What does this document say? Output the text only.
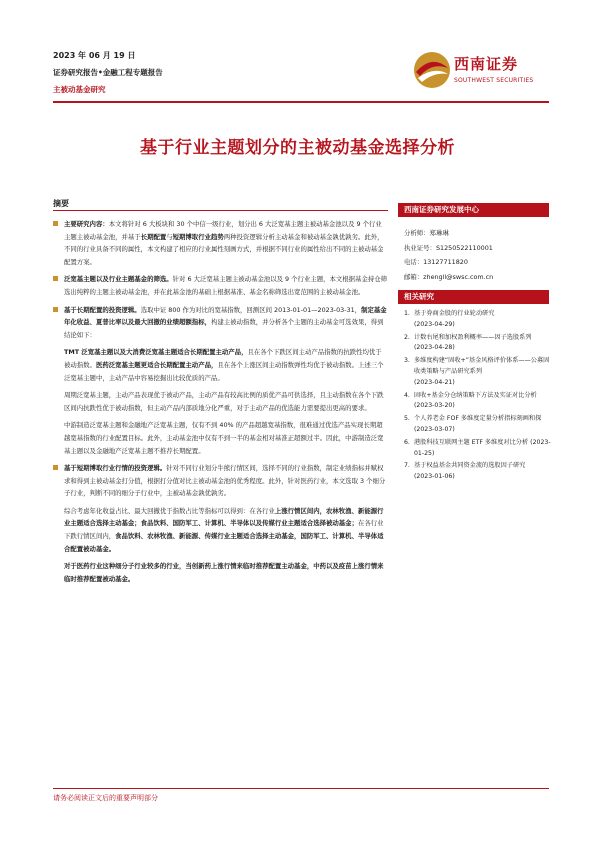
2023 年 06 月 19 日
证券研究报告•金融工程专题报告
主被动基金研究
西南证券
SOUTHWEST SECURITIES
基于行业主题划分的主被动基金选择分析
摘要
主要研究内容：本文将针对 6 大板块和 30 个中信一级行业，划分出 6 大泛宽基主题主被动基金池以及 9 个行业主题主被动基金池，并基于长期配置与短期博取行业趋势两种投资逻辑分析主动基金和被动基金孰优孰劣。此外，不同的行业具备不同的属性，本文构建了相应的行业属性刻画方式，并根据不同行业的属性给出不同的主被动基金配置方案。
泛宽基主题以及行业主题基金的筛选。针对 6 大泛宽基主题主被动基金池以及 9 个行业主题，本文根据基金持仓筛选出纯粹的主题主被动基金池，并在此基金池的基础上根据基准、基金名称筛选出宽范围的主被动基金池。
基于长期配置的投资逻辑。选取中证 800 作为对比的宽基指数，回测区间 2013-01-01—2023-03-31，制定基金年化收益、夏普比率以及最大回撤的业绩超额指标，构建主被动指数，并分析各个主题的主动基金可选效果，得到结论如下：
TMT 泛宽基主题以及大消费泛宽基主题适合长期配置主动产品，且在各个下跌区间主动产品指数的抗跌性均优于被动指数。医药泛宽基主题更适合长期配置主动产品，且在各个上涨区间主动指数弹性均优于被动指数。上述三个泛宽基主题中，主动产品中容易挖掘出比较优质的产品。
周期泛宽基主题，主动产品表现优于被动产品，主动产品有较高比例的质优产品可供选择，且主动指数在各个下跌区间内抗跌性优于被动指数，但主动产品内部质地分化严重，对于主动产品的优选能力需要提出更高的要求。
中游制造泛宽基主题和金融地产泛宽基主题，仅有不到 40% 的产品超越宽基指数，很难通过优选产品实现长期超越宽基指数的行业配置目标。此外，主动基金池中仅有不到一半的基金相对基准正超额过半。因此，中游制造泛宽基主题以及金融地产泛宽基主题不推荐长期配置。
基于短期博取行业行情的投资逻辑。针对不同行业划分牛熊行情区间，选择不同的行业指数，制定业绩指标并赋权求和得到主被动基金打分值，根据打分值对比主被动基金池的优秀程度。此外，针对医药行业，本文选取 3 个细分子行业，判断不同的细分子行业中，主被动基金孰优孰劣。
综合考虑年化收益占比、最大回撤优于指数占比等指标可以得到：在各行业上涨行情区间内，农林牧渔、新能源行业主题适合选择主动基金；食品饮料、国防军工、计算机、半导体以及传媒行业主题适合选择被动基金；在各行业下跌行情区间内，食品饮料、农林牧渔、新能源、传媒行业主题适合选择主动基金，国防军工、计算机、半导体适合配置被动基金。
对于医药行业这种细分子行业较多的行业，当创新药上涨行情来临时推荐配置主动基金，中药以及疫苗上涨行情来临时推荐配置被动基金。
西南证券研究发展中心
分析师：郑琳琳
执业证号：S1250522110001
电话：13127711820
邮箱：zhengll@swsc.com.cn
相关研究
1. 基于券商金股的行业轮动研究
(2023-04-29)
2. 计数右尾和加权盈利概率——因子选股系列 (2023-04-28)
3. 多维度构建“固收+”基金风格评价体系——公募固收类策略与产品研究系列
(2023-04-21)
4. 固收+基金分仓纳策略下方法及实证对比分析 (2023-03-20)
5. 个人养老金 FOF 多维度定量分析指标刻画和探 (2023-03-07)
6. 港股科技互联网主题 ETF 多维度对比分析 (2023-01-25)
7. 基于权益基金共同资金流的选股因子研究
(2023-01-06)
请务必阅读正文后的重要声明部分
